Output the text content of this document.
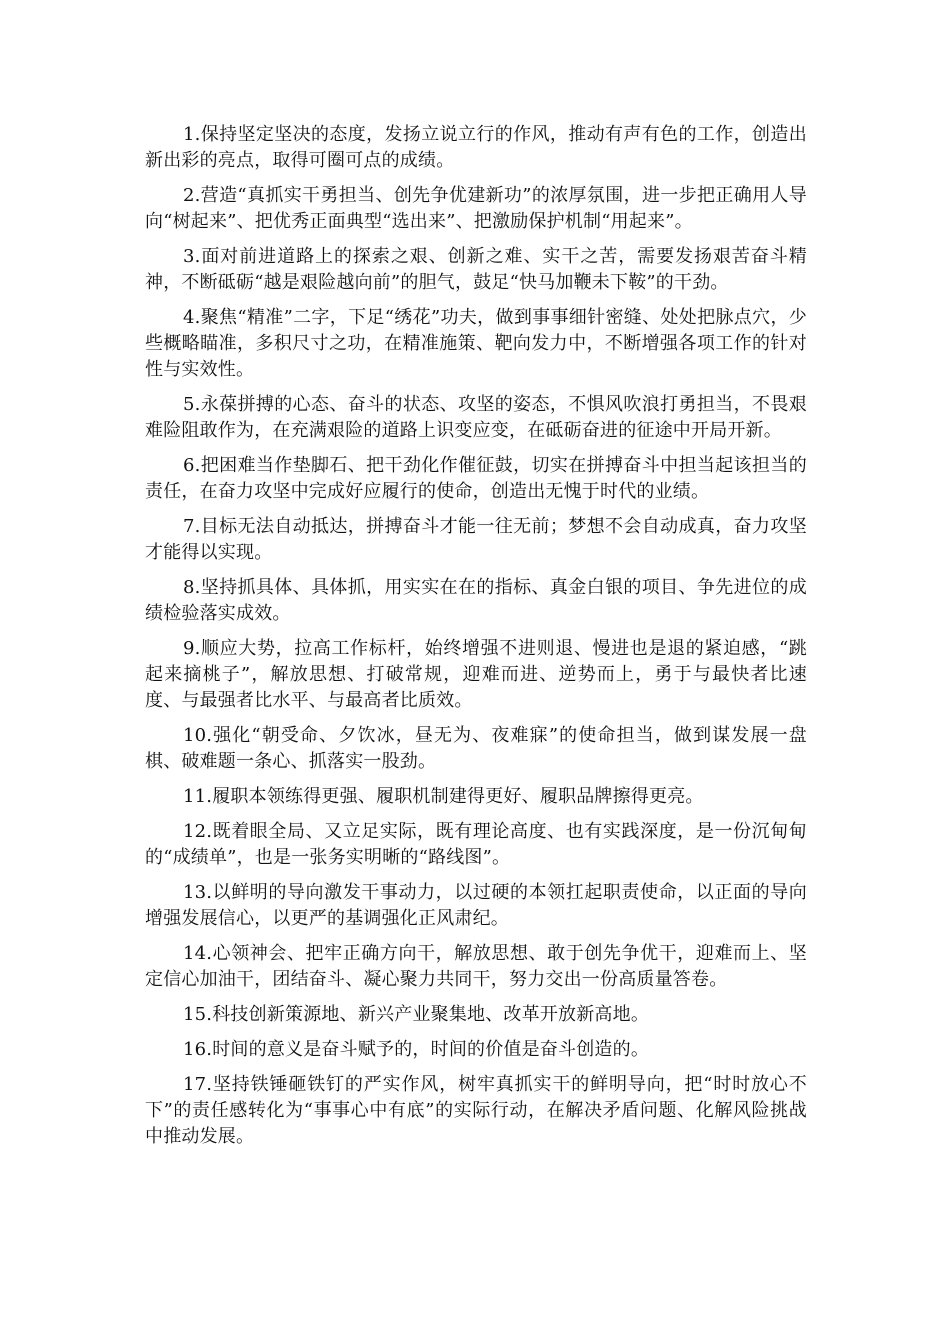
1.保持坚定坚决的态度，发扬立说立行的作风，推动有声有色的工作，创造出新出彩的亮点，取得可圈可点的成绩。

2.营造“真抓实干勇担当、创先争优建新功”的浓厚氛围，进一步把正确用人导向“树起来”、把优秀正面典型“选出来”、把激励保护机制“用起来”。

3.面对前进道路上的探索之艰、创新之难、实干之苦，需要发扬艰苦奋斗精神，不断砥砺“越是艰险越向前”的胆气，鼓足“快马加鞭未下鞍”的干劲。

4.聚焦“精准”二字，下足“绣花”功夫，做到事事细针密缝、处处把脉点穴，少些概略瞄准，多积尺寸之功，在精准施策、靶向发力中，不断增强各项工作的针对性与实效性。

5.永葆拼搏的心态、奋斗的状态、攻坚的姿态，不惧风吹浪打勇担当，不畏艰难险阻敢作为，在充满艰险的道路上识变应变，在砥砺奋进的征途中开局开新。

6.把困难当作垫脚石、把干劲化作催征鼓，切实在拼搏奋斗中担当起该担当的责任，在奋力攻坚中完成好应履行的使命，创造出无愧于时代的业绩。

7.目标无法自动抵达，拼搏奋斗才能一往无前；梦想不会自动成真，奋力攻坚才能得以实现。

8.坚持抓具体、具体抓，用实实在在的指标、真金白银的项目、争先进位的成绩检验落实成效。

9.顺应大势，拉高工作标杆，始终增强不进则退、慢进也是退的紧迫感，“跳起来摘桃子”，解放思想、打破常规，迎难而进、逆势而上，勇于与最快者比速度、与最强者比水平、与最高者比质效。

10.强化“朝受命、夕饮冰，昼无为、夜难寐”的使命担当，做到谋发展一盘棋、破难题一条心、抓落实一股劲。

11.履职本领练得更强、履职机制建得更好、履职品牌擦得更亮。

12.既着眼全局、又立足实际，既有理论高度、也有实践深度，是一份沉甸甸的“成绩单”，也是一张务实明晰的“路线图”。

13.以鲜明的导向激发干事动力，以过硬的本领扛起职责使命，以正面的导向增强发展信心，以更严的基调强化正风肃纪。

14.心领神会、把牢正确方向干，解放思想、敢于创先争优干，迎难而上、坚定信心加油干，团结奋斗、凝心聚力共同干，努力交出一份高质量答卷。

15.科技创新策源地、新兴产业聚集地、改革开放新高地。

16.时间的意义是奋斗赋予的，时间的价值是奋斗创造的。

17.坚持铁锤砸铁钉的严实作风，树牢真抓实干的鲜明导向，把“时时放心不下”的责任感转化为“事事心中有底”的实际行动，在解决矛盾问题、化解风险挑战中推动发展。
